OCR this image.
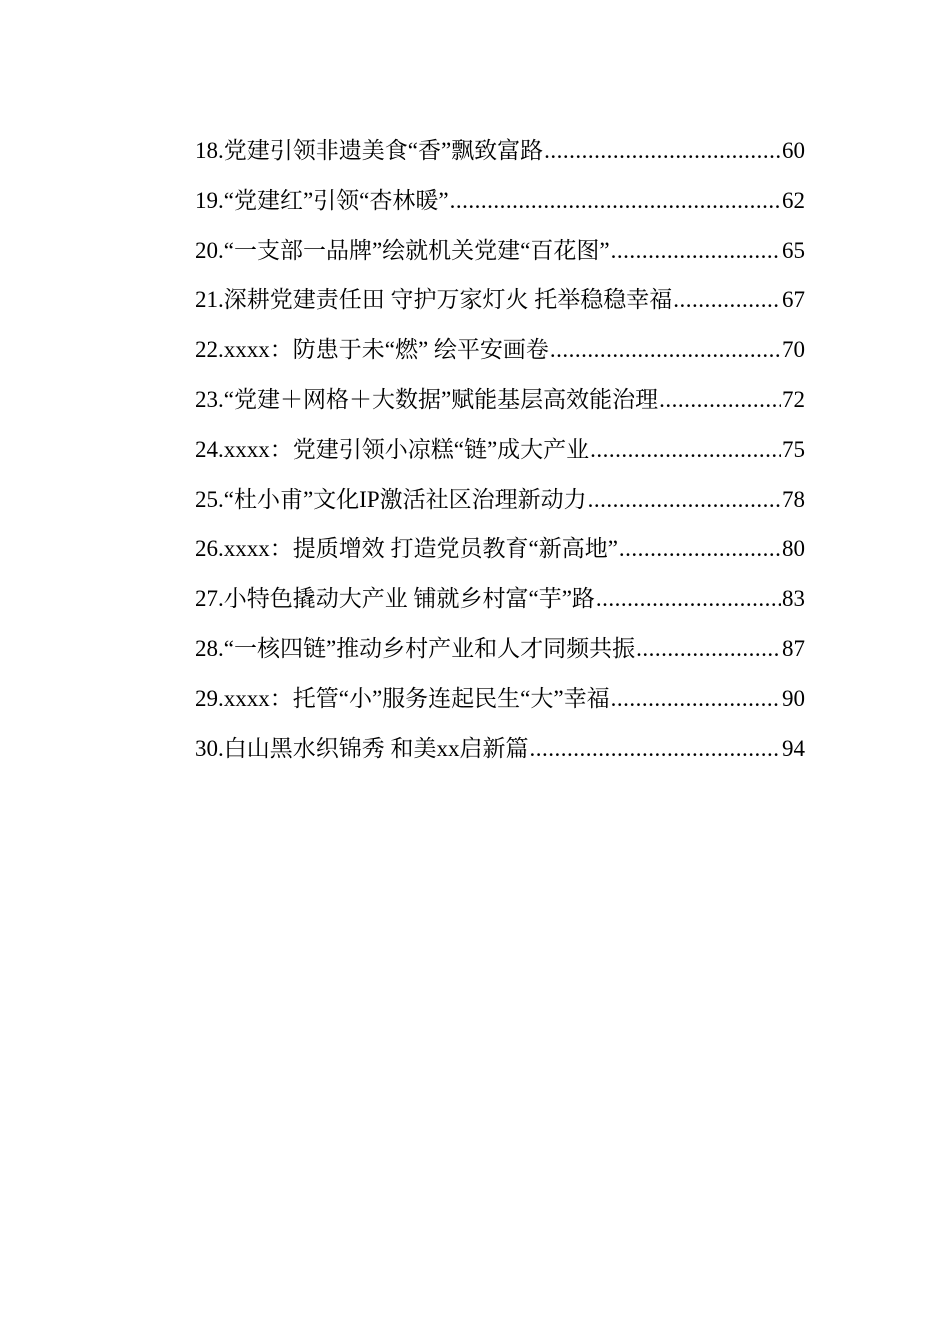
18.党建引领非遗美食“香”飘致富路 .....	60
19.“党建红”引领“杏林暖” .....	62
20.“一支部一品牌”绘就机关党建“百花图” .....	65
21.深耕党建责任田 守护万家灯火 托举稳稳幸福 .....	67
22.xxxx：防患于未“燃” 绘平安画卷 .....	70
23.“党建＋网格＋大数据”赋能基层高效能治理 .....	72
24.xxxx：党建引领小凉糕“链”成大产业 .....	75
25.“杜小甫”文化IP激活社区治理新动力 .....	78
26.xxxx：提质增效 打造党员教育“新高地” .....	80
27.小特色撬动大产业 铺就乡村富“芋”路 .....	83
28.“一核四链”推动乡村产业和人才同频共振 .....	87
29.xxxx：托管“小”服务连起民生“大”幸福 .....	90
30.白山黑水织锦秀 和美xx启新篇 .....	94
